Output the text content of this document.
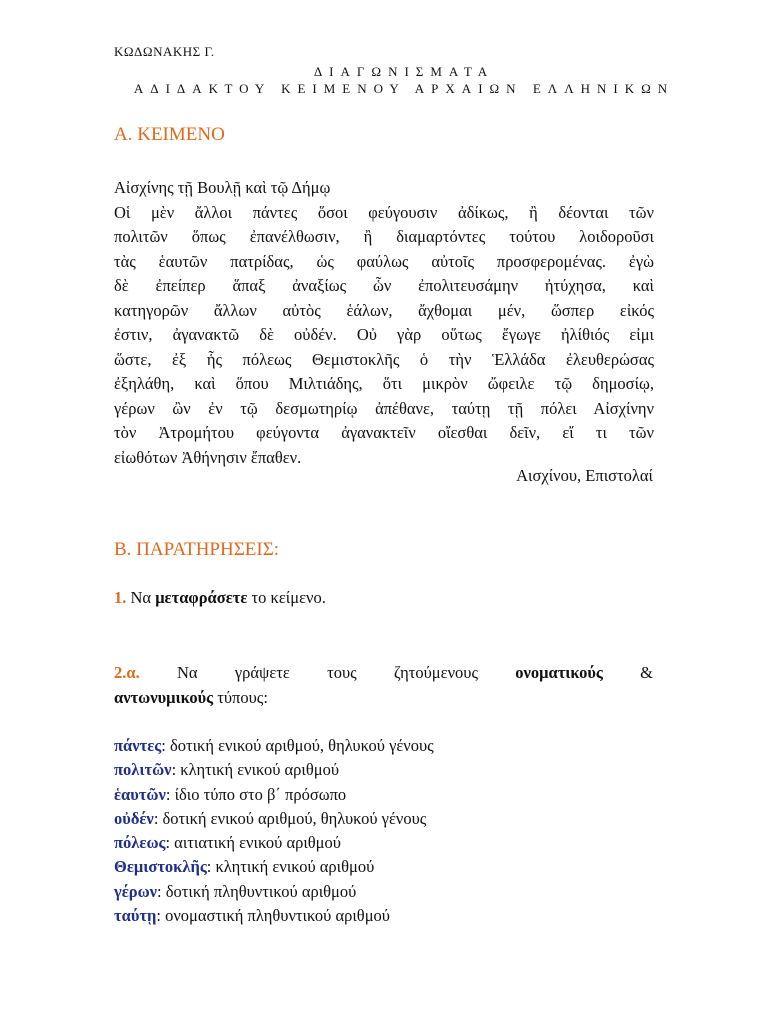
ΚΩΔΩΝΑΚΗΣ Γ.
ΔΙΑΓΩΝΙΣΜΑΤΑ
ΑΔΙΔΑΚΤΟΥ ΚΕΙΜΕΝΟΥ ΑΡΧΑΙΩΝ ΕΛΛΗΝΙΚΩΝ
Α. ΚΕΙΜΕΝΟ
Αἰσχίνης τῇ Βουλῇ καὶ τῷ Δήμῳ
Οἱ μὲν ἄλλοι πάντες ὅσοι φεύγουσιν ἀδίκως, ἢ δέονται τῶν
πολιτῶν ὅπως ἐπανέλθωσιν, ἢ διαμαρτόντες τούτου λοιδοροῦσι
τὰς ἑαυτῶν πατρίδας, ὡς φαύλως αὐτοῖς προσφερομένας. ἐγὼ
δὲ ἐπείπερ ἅπαξ ἀναξίως ὧν ἐπολιτευσάμην ἠτύχησα, καὶ
κατηγορῶν ἄλλων αὐτὸς ἑάλων, ἄχθομαι μέν, ὥσπερ εἰκός
ἐστιν, ἀγανακτῶ δὲ οὐδέν. Οὐ γὰρ οὕτως ἔγωγε ἠλίθιός εἰμι
ὥστε, ἐξ ἧς πόλεως Θεμιστοκλῆς ὁ τὴν Ἑλλάδα ἐλευθερώσας
ἐξηλάθη, καὶ ὅπου Μιλτιάδης, ὅτι μικρὸν ὤφειλε τῷ δημοσίῳ,
γέρων ὢν ἐν τῷ δεσμωτηρίῳ ἀπέθανε, ταύτῃ τῇ πόλει Αἰσχίνην
τὸν Ἀτρομήτου φεύγοντα ἀγανακτεῖν οἴεσθαι δεῖν, εἴ τι τῶν
εἰωθότων Ἀθήνησιν ἔπαθεν.
Αισχίνου, Επιστολαί
Β. ΠΑΡΑΤΗΡΗΣΕΙΣ:
1. Να μεταφράσετε το κείμενο.
2.α. Να γράψετε τους ζητούμενους ονοματικούς &
αντωνυμικούς τύπους:
πάντες: δοτική ενικού αριθμού, θηλυκού γένους
πολιτῶν: κλητική ενικού αριθμού
ἑαυτῶν: ίδιο τύπο στο β΄ πρόσωπο
οὐδέν: δοτική ενικού αριθμού, θηλυκού γένους
πόλεως: αιτιατική ενικού αριθμού
Θεμιστοκλῆς: κλητική ενικού αριθμού
γέρων: δοτική πληθυντικού αριθμού
ταύτῃ: ονομαστική πληθυντικού αριθμού
